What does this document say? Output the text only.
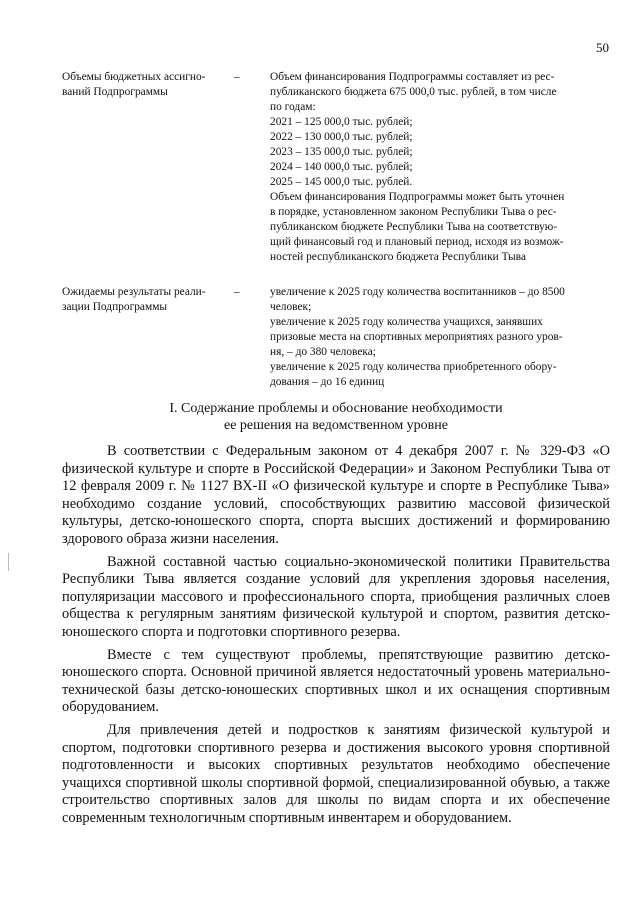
50
Объемы бюджетных ассигно-
ваний Подпрограммы
–	Объем финансирования Подпрограммы составляет из рес-
публиканского бюджета 675 000,0 тыс. рублей, в том числе
по годам:
2021 – 125 000,0 тыс. рублей;
2022 – 130 000,0 тыс. рублей;
2023 – 135 000,0 тыс. рублей;
2024 – 140 000,0 тыс. рублей;
2025 – 145 000,0 тыс. рублей.
Объем финансирования Подпрограммы может быть уточнен
в порядке, установленном законом Республики Тыва о рес-
публиканском бюджете Республики Тыва на соответствую-
щий финансовый год и плановый период, исходя из возмож-
ностей республиканского бюджета Республики Тыва
Ожидаемы результаты реали-
зации Подпрограммы
–	увеличение к 2025 году количества воспитанников – до 8500
человек;
увеличение к 2025 году количества учащихся, занявших
призовые места на спортивных мероприятиях разного уров-
ня, – до 380 человека;
увеличение к 2025 году количества приобретенного обору-
дования – до 16 единиц
I. Содержание проблемы и обоснование необходимости
ее решения на ведомственном уровне

В соответствии с Федеральным законом от 4 декабря 2007 г. № 329-ФЗ «О физической культуре и спорте в Российской Федерации» и Законом Республики Тыва от 12 февраля 2009 г. № 1127 ВХ-II «О физической культуре и спорте в Республике Тыва» необходимо создание условий, способствующих развитию массовой физической культуры, детско-юношеского спорта, спорта высших достижений и формированию здорового образа жизни населения.

Важной составной частью социально-экономической политики Правительства Республики Тыва является создание условий для укрепления здоровья населения, популяризации массового и профессионального спорта, приобщения различных слоев общества к регулярным занятиям физической культурой и спортом, развития детско-юношеского спорта и подготовки спортивного резерва.

Вместе с тем существуют проблемы, препятствующие развитию детско-юношеского спорта. Основной причиной является недостаточный уровень материально-технической базы детско-юношеских спортивных школ и их оснащения спортивным оборудованием.

Для привлечения детей и подростков к занятиям физической культурой и спортом, подготовки спортивного резерва и достижения высокого уровня спортивной подготовленности и высоких спортивных результатов необходимо обеспечение учащихся спортивной школы спортивной формой, специализированной обувью, а также строительство спортивных залов для школы по видам спорта и их обеспечение современным технологичным спортивным инвентарем и оборудованием.
